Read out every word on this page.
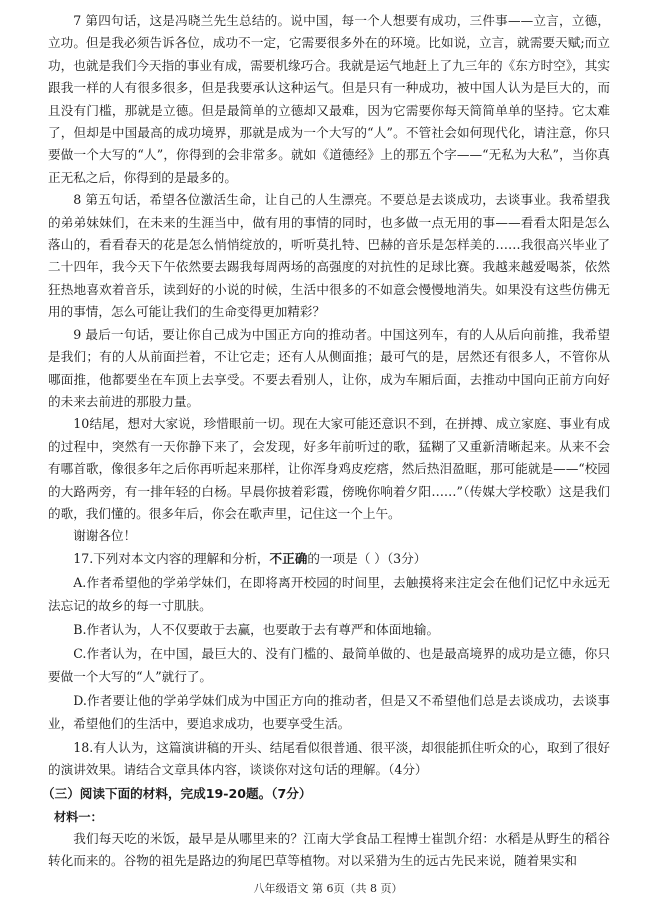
7 第四句话，这是冯晓兰先生总结的。说中国，每一个人想要有成功，三件事——立言，立德，立功。但是我必须告诉各位，成功不一定，它需要很多外在的环境。比如说，立言，就需要天赋;而立功，也就是我们今天指的事业有成，需要机缘巧合。我就是运气地赶上了九三年的《东方时空》，其实跟我一样的人有很多很多，但是我要承认这种运气。但是只有一种成功，被中国人认为是巨大的，而且没有门槛，那就是立德。但是最简单的立德却又最难，因为它需要你每天简简单单的坚持。它太难了，但却是中国最高的成功境界，那就是成为一个大写的“人”。不管社会如何现代化，请注意，你只要做一个大写的“人”，你得到的会非常多。就如《道德经》上的那五个字——“无私为大私”，当你真正无私之后，你得到的是最多的。

8 第五句话，希望各位激活生命，让自己的人生漂亮。不要总是去谈成功，去谈事业。我希望我的弟弟妹妹们，在未来的生涯当中，做有用的事情的同时，也多做一点无用的事——看看太阳是怎么落山的，看看春天的花是怎么悄悄绽放的，听听莫扎特、巴赫的音乐是怎样美的……我很高兴毕业了二十四年，我今天下午依然要去踢我每周两场的高强度的对抗性的足球比赛。我越来越爱喝茶，依然狂热地喜欢着音乐，读到好的小说的时候，生活中很多的不如意会慢慢地消失。如果没有这些仿佛无用的事情，怎么可能让我们的生命变得更加精彩？

9 最后一句话，要让你自己成为中国正方向的推动者。中国这列车，有的人从后向前推，我希望是我们；有的人从前面拦着，不让它走；还有人从侧面推；最可气的是，居然还有很多人，不管你从哪面推，他都要坐在车顶上去享受。不要去看别人，让你，成为车厢后面，去推动中国向正前方向好的未来去前进的那股力量。

10结尾，想对大家说，珍惜眼前一切。现在大家可能还意识不到，在拼搏、成立家庭、事业有成的过程中，突然有一天你静下来了，会发现，好多年前听过的歌，猛糊了又重新清晰起来。从来不会有哪首歌，像很多年之后你再听起来那样，让你浑身鸡皮疙瘩，然后热泪盈眶，那可能就是——“校园的大路两旁，有一排年轻的白杨。早晨你披着彩霞，傍晚你响着夕阳……”（传媒大学校歌）这是我们的歌，我们懂的。很多年后，你会在歌声里，记住这一个上午。

谢谢各位！

17.下列对本文内容的理解和分析，不正确的一项是（ ）（3分）

A.作者希望他的学弟学妹们，在即将离开校园的时间里，去触摸将来注定会在他们记忆中永远无法忘记的故乡的每一寸肌肤。

B.作者认为，人不仅要敢于去赢，也要敢于去有尊严和体面地输。

C.作者认为，在中国，最巨大的、没有门槛的、最简单做的、也是最高境界的成功是立德，你只要做一个大写的“人”就行了。

D.作者要让他的学弟学妹们成为中国正方向的推动者，但是又不希望他们总是去谈成功，去谈事业，希望他们的生活中，要追求成功，也要享受生活。

18.有人认为，这篇演讲稿的开头、结尾看似很普通、很平淡，却很能抓住听众的心，取到了很好的演讲效果。请结合文章具体内容，谈谈你对这句话的理解。（4分）

（三）阅读下面的材料，完成19-20题。（7分）
材料一：

我们每天吃的米饭，最早是从哪里来的？江南大学食品工程博士崔凯介绍：水稻是从野生的稻谷转化而来的。谷物的祖先是路边的狗尾巴草等植物。对以采猎为生的远古先民来说，随着果实和

八年级语文 第 6页（共 8 页）
